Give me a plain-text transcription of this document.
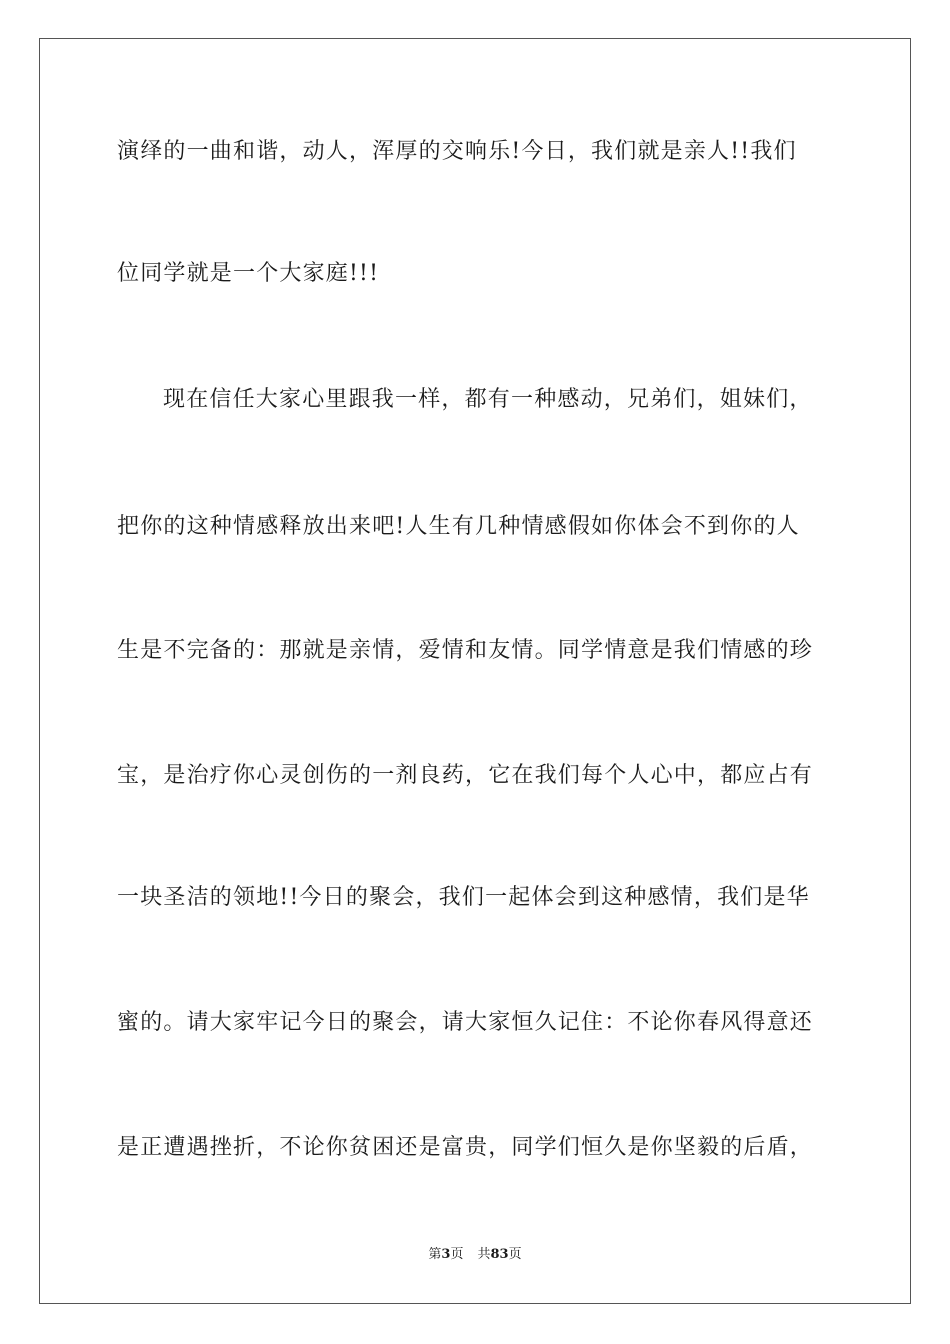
演绎的一曲和谐，动人，浑厚的交响乐!今日，我们就是亲人!!我们
位同学就是一个大家庭!!!
现在信任大家心里跟我一样，都有一种感动，兄弟们，姐妹们，
把你的这种情感释放出来吧!人生有几种情感假如你体会不到你的人
生是不完备的：那就是亲情，爱情和友情。同学情意是我们情感的珍
宝，是治疗你心灵创伤的一剂良药，它在我们每个人心中，都应占有
一块圣洁的领地!!今日的聚会，我们一起体会到这种感情，我们是华
蜜的。请大家牢记今日的聚会，请大家恒久记住：不论你春风得意还
是正遭遇挫折，不论你贫困还是富贵，同学们恒久是你坚毅的后盾，
第3页 共83页
